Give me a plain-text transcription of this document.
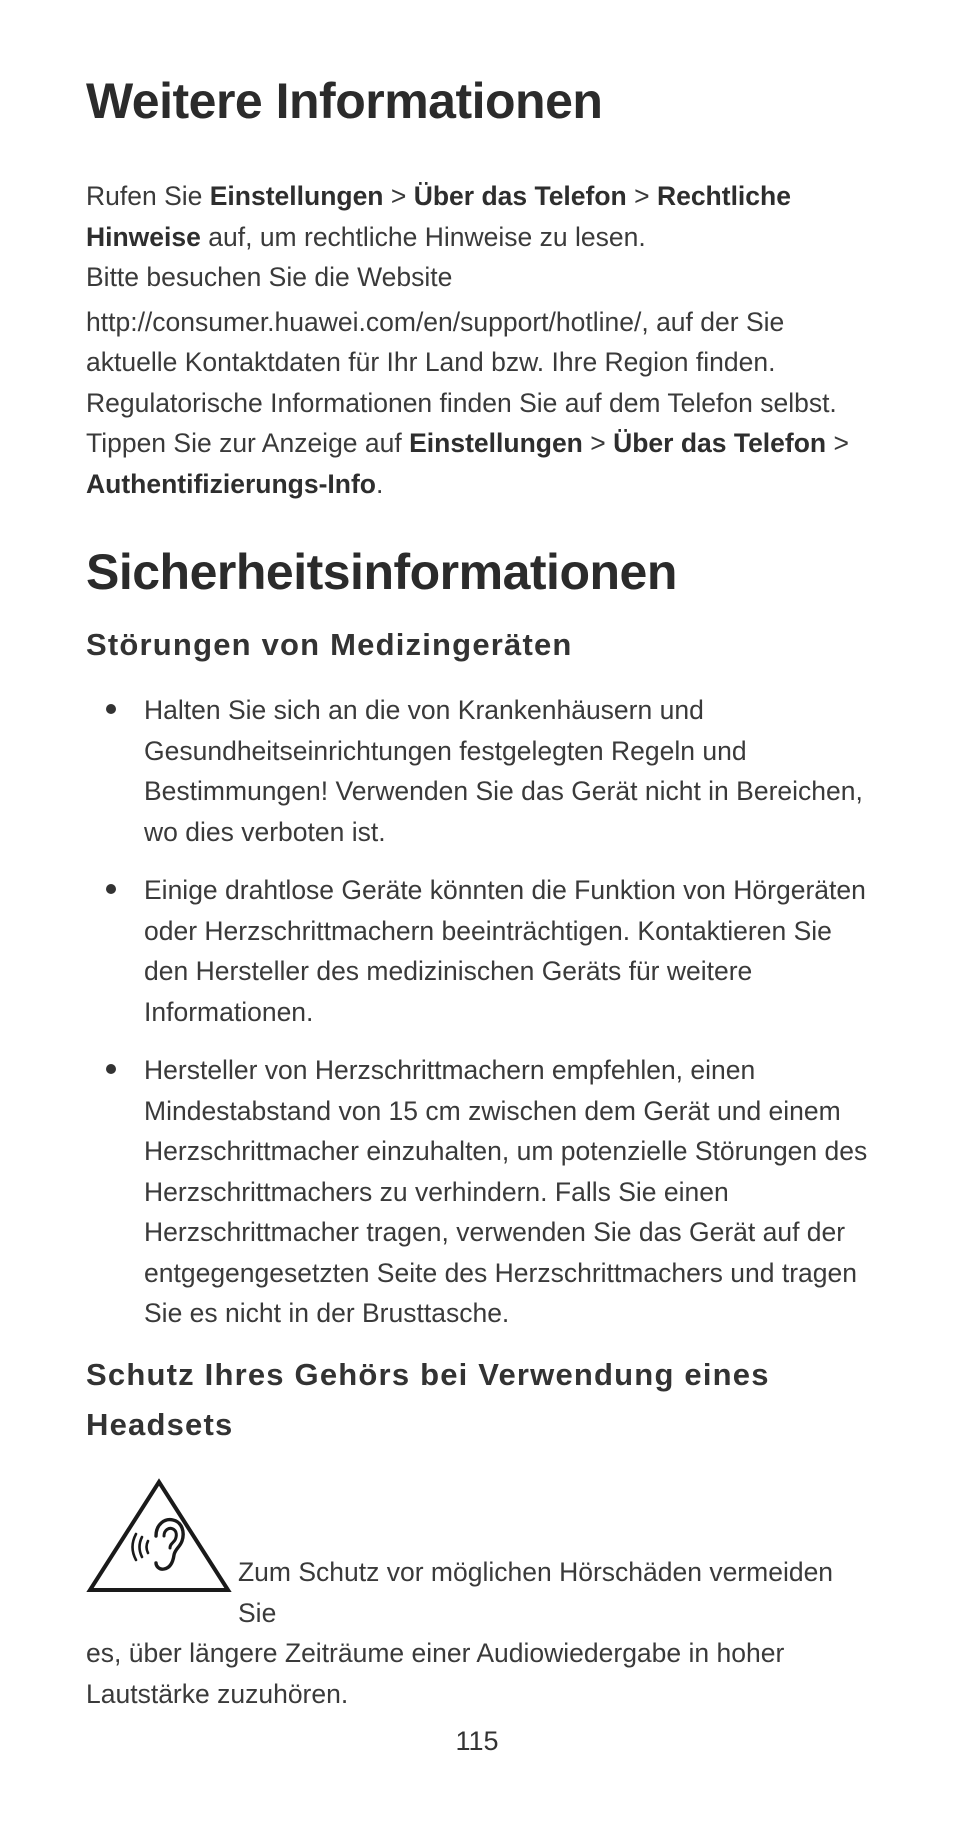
Weitere Informationen

Rufen Sie Einstellungen > Über das Telefon > Rechtliche Hinweise auf, um rechtliche Hinweise zu lesen.

Bitte besuchen Sie die Website

http://consumer.huawei.com/en/support/hotline/, auf der Sie aktuelle Kontaktdaten für Ihr Land bzw. Ihre Region finden.

Regulatorische Informationen finden Sie auf dem Telefon selbst. Tippen Sie zur Anzeige auf Einstellungen > Über das Telefon > Authentifizierungs-Info.

Sicherheitsinformationen
Störungen von Medizingeräten
Halten Sie sich an die von Krankenhäusern und Gesundheitseinrichtungen festgelegten Regeln und Bestimmungen! Verwenden Sie das Gerät nicht in Bereichen, wo dies verboten ist.
Einige drahtlose Geräte könnten die Funktion von Hörgeräten oder Herzschrittmachern beeinträchtigen. Kontaktieren Sie den Hersteller des medizinischen Geräts für weitere Informationen.
Hersteller von Herzschrittmachern empfehlen, einen Mindestabstand von 15 cm zwischen dem Gerät und einem Herzschrittmacher einzuhalten, um potenzielle Störungen des Herzschrittmachers zu verhindern. Falls Sie einen Herzschrittmacher tragen, verwenden Sie das Gerät auf der entgegengesetzten Seite des Herzschrittmachers und tragen Sie es nicht in der Brusttasche.
Schutz Ihres Gehörs bei Verwendung eines Headsets
Zum Schutz vor möglichen Hörschäden vermeiden Sie
es, über längere Zeiträume einer Audiowiedergabe in hoher Lautstärke zuzuhören.
115
